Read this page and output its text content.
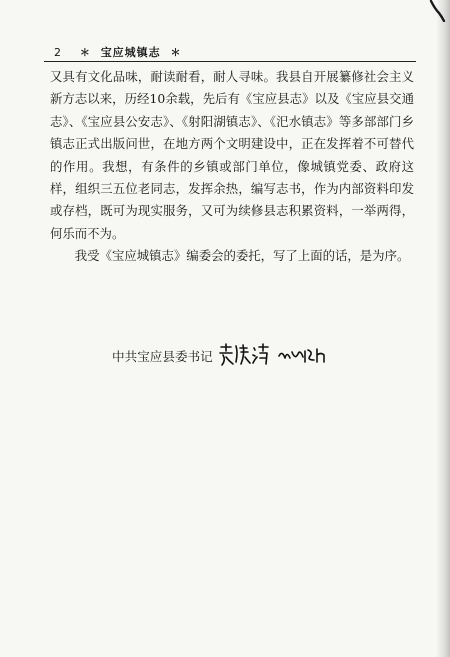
2 ＊ 宝应城镇志 ＊

又具有文化品味，耐读耐看，耐人寻味。我县自开展纂修社会主义新方志以来，历经10余载，先后有《宝应县志》以及《宝应县交通志》、《宝应县公安志》、《射阳湖镇志》、《汜水镇志》等多部部门乡镇志正式出版问世，在地方两个文明建设中，正在发挥着不可替代的作用。我想，有条件的乡镇或部门单位，像城镇党委、政府这样，组织三五位老同志，发挥余热，编写志书，作为内部资料印发或存档，既可为现实服务，又可为续修县志积累资料，一举两得，何乐而不为。

我受《宝应城镇志》编委会的委托，写了上面的话，是为序。

中共宝应县委书记
